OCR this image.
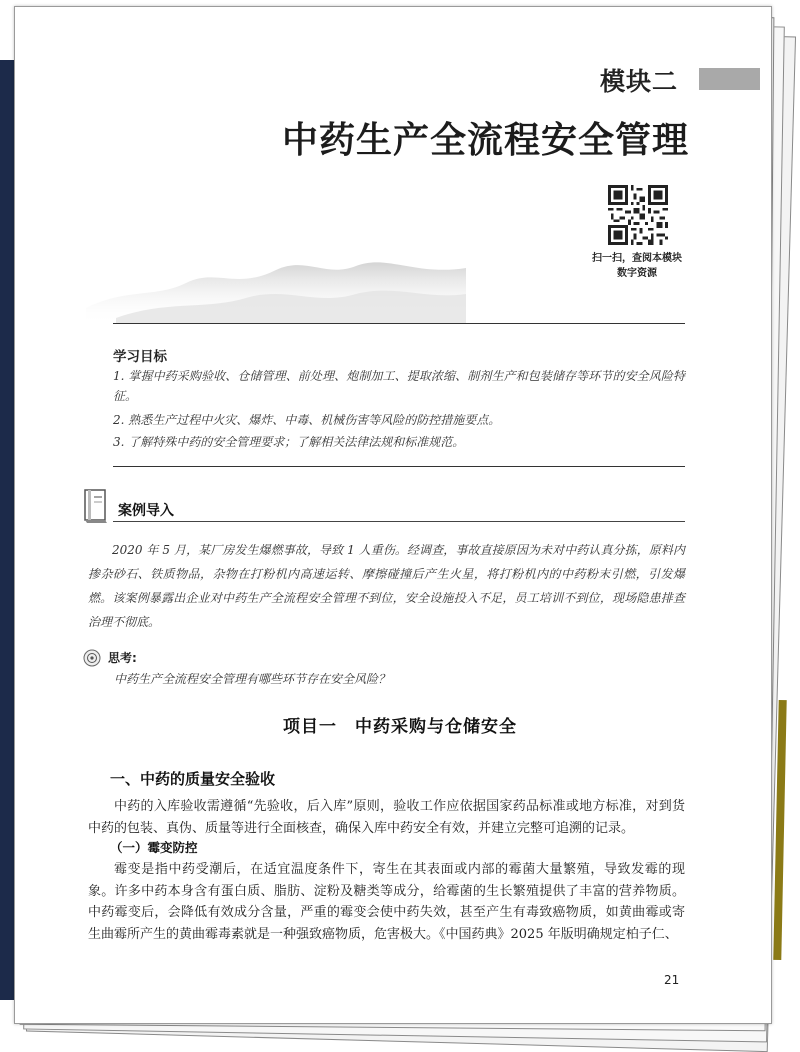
模块二
中药生产全流程安全管理
扫一扫，查阅本模块
数字资源
学习目标
1. 掌握中药采购验收、仓储管理、前处理、炮制加工、提取浓缩、制剂生产和包装储存等环节的安全风险特征。
2. 熟悉生产过程中火灾、爆炸、中毒、机械伤害等风险的防控措施要点。
3. 了解特殊中药的安全管理要求；了解相关法律法规和标准规范。
案例导入
2020 年 5 月，某厂房发生爆燃事故，导致 1 人重伤。经调查，事故直接原因为未对中药认真分拣，原料内掺杂砂石、铁质物品，杂物在打粉机内高速运转、摩擦碰撞后产生火星，将打粉机内的中药粉末引燃，引发爆燃。该案例暴露出企业对中药生产全流程安全管理不到位，安全设施投入不足，员工培训不到位，现场隐患排查治理不彻底。
思考:
中药生产全流程安全管理有哪些环节存在安全风险？
项目一　中药采购与仓储安全
一、中药的质量安全验收
中药的入库验收需遵循“先验收，后入库”原则，验收工作应依据国家药品标准或地方标准，对到货中药的包装、真伪、质量等进行全面核查，确保入库中药安全有效，并建立完整可追溯的记录。
（一）霉变防控
霉变是指中药受潮后，在适宜温度条件下，寄生在其表面或内部的霉菌大量繁殖，导致发霉的现象。许多中药本身含有蛋白质、脂肪、淀粉及糖类等成分，给霉菌的生长繁殖提供了丰富的营养物质。中药霉变后，会降低有效成分含量，严重的霉变会使中药失效，甚至产生有毒致癌物质，如黄曲霉或寄生曲霉所产生的黄曲霉毒素就是一种强致癌物质，危害极大。《中国药典》2025 年版明确规定柏子仁、
21
